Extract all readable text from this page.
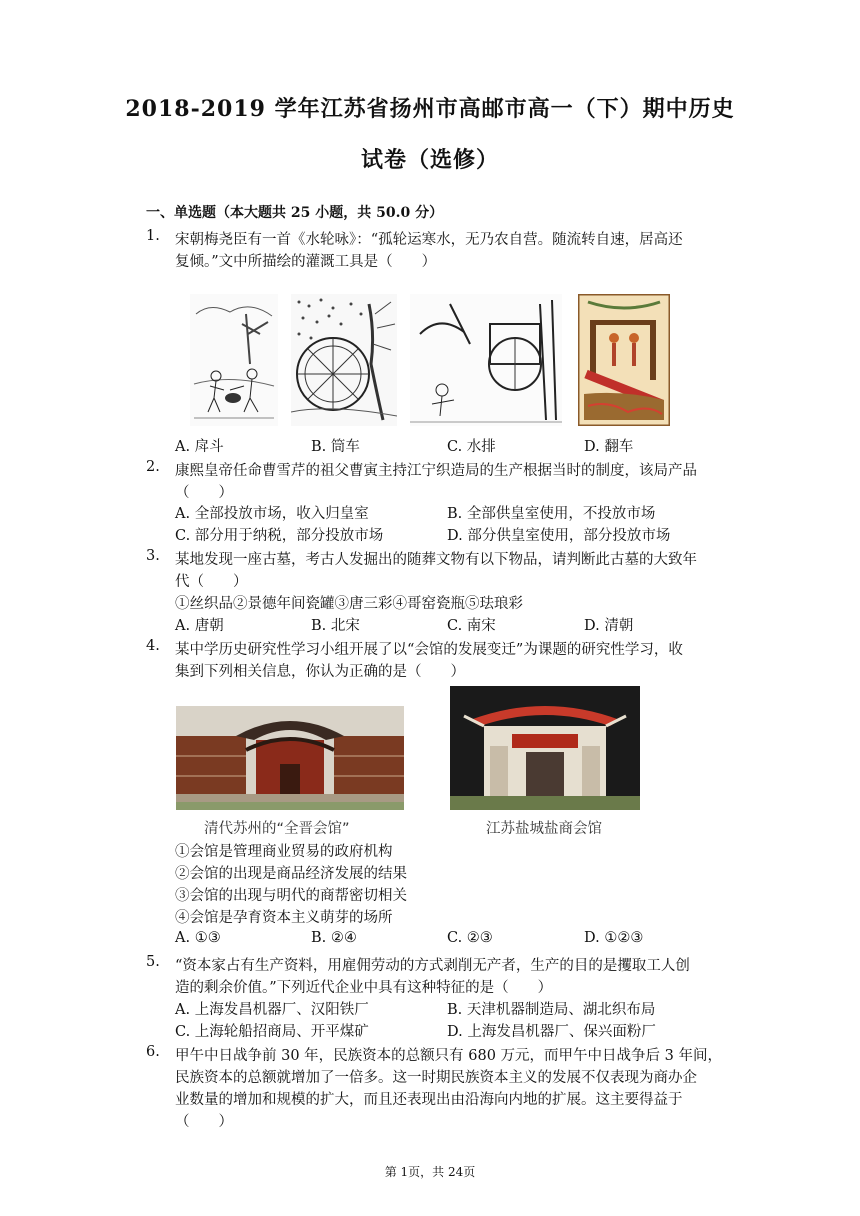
2018-2019 学年江苏省扬州市高邮市高一（下）期中历史
试卷（选修）
一、单选题（本大题共 25 小题，共 50.0 分）
1. 宋朝梅尧臣有一首《水轮咏》：“孤轮运寒水，无乃农自营。随流转自速，居高还
复倾。”文中所描绘的灌溉工具是（　　）
A. 戽斗	B. 筒车	C. 水排	D. 翻车
2. 康熙皇帝任命曹雪芹的祖父曹寅主持江宁织造局的生产根据当时的制度，该局产品
（　　）
A. 全部投放市场，收入归皇室	B. 全部供皇室使用，不投放市场
C. 部分用于纳税，部分投放市场	D. 部分供皇室使用，部分投放市场
3. 某地发现一座古墓，考古人发掘出的随葬文物有以下物品，请判断此古墓的大致年
代（　　）
①丝织品②景德年间瓷罐③唐三彩④哥窑瓷瓶⑤珐琅彩
A. 唐朝	B. 北宋	C. 南宋	D. 清朝
4. 某中学历史研究性学习小组开展了以“会馆的发展变迁”为课题的研究性学习，收
集到下列相关信息，你认为正确的是（　　）
清代苏州的“全晋会馆”	江苏盐城盐商会馆
①会馆是管理商业贸易的政府机构
②会馆的出现是商品经济发展的结果
③会馆的出现与明代的商帮密切相关
④会馆是孕育资本主义萌芽的场所
A. ①③	B. ②④	C. ②③	D. ①②③
5. “资本家占有生产资料，用雇佣劳动的方式剥削无产者，生产的目的是攫取工人创
造的剩余价值。”下列近代企业中具有这种特征的是（　　）
A. 上海发昌机器厂、汉阳铁厂	B. 天津机器制造局、湖北织布局
C. 上海轮船招商局、开平煤矿	D. 上海发昌机器厂、保兴面粉厂
6. 甲午中日战争前 30 年，民族资本的总额只有 680 万元，而甲午中日战争后 3 年间，
民族资本的总额就增加了一倍多。这一时期民族资本主义的发展不仅表现为商办企
业数量的增加和规模的扩大，而且还表现出由沿海向内地的扩展。这主要得益于
（　　）
第 1页，共 24页
